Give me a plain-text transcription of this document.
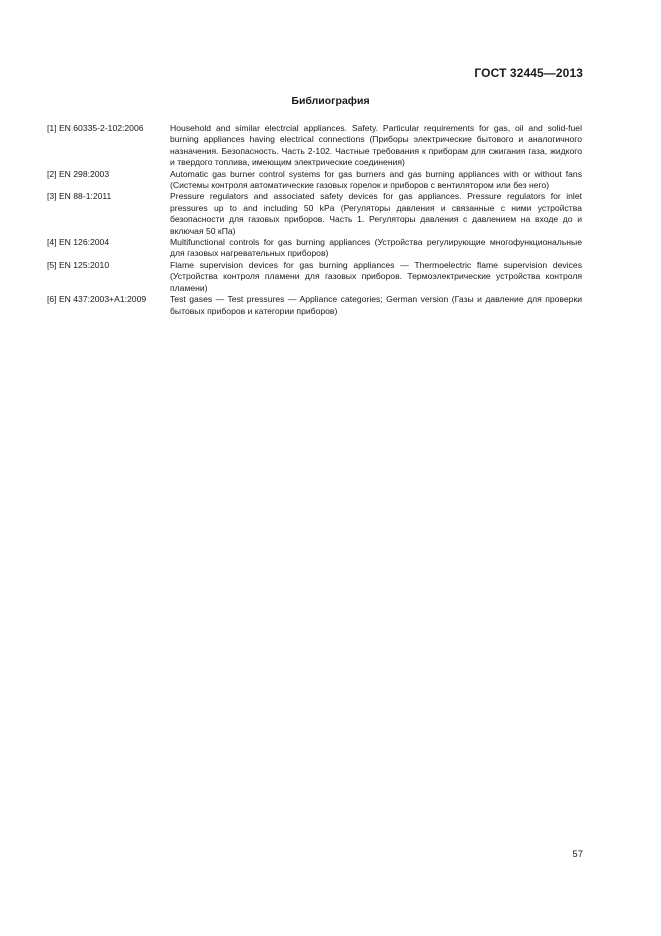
ГОСТ 32445—2013
Библиография
[1] EN 60335-2-102:2006	Household and similar electrcial appliances. Safety. Particular requirements for gas, oil and solid-fuel burning appliances having electrical connections (Приборы электрические бытового и аналогичного назначения. Безопасность. Часть 2-102. Частные требования к приборам для сжигания газа, жидкого и твердого топлива, имеющим электрические соединения)
[2] EN 298:2003	Automatic gas burner control systems for gas burners and gas burning appliances with or without fans (Системы контроля автоматические газовых горелок и приборов с вентилятором или без него)
[3] EN 88-1:2011	Pressure regulators and associated safety devices for gas appliances. Pressure regulators for inlet pressures up to and including 50 kPa (Регуляторы давления и связанные с ними устройства безопасности для газовых приборов. Часть 1. Регуляторы давления с давлением на входе до и включая 50 кПа)
[4] EN 126:2004	Multifunctional controls for gas burning appliances (Устройства регулирующие многофункциональные для газовых нагревательных приборов)
[5] EN 125:2010	Flame supervision devices for gas burning appliances — Thermoelectric flame supervision devices (Устройства контроля пламени для газовых приборов. Термоэлектрические устройства контроля пламени)
[6] EN 437:2003+A1:2009	Test gases — Test pressures — Appliance categories; German version (Газы и давление для проверки бытовых приборов и категории приборов)
57
